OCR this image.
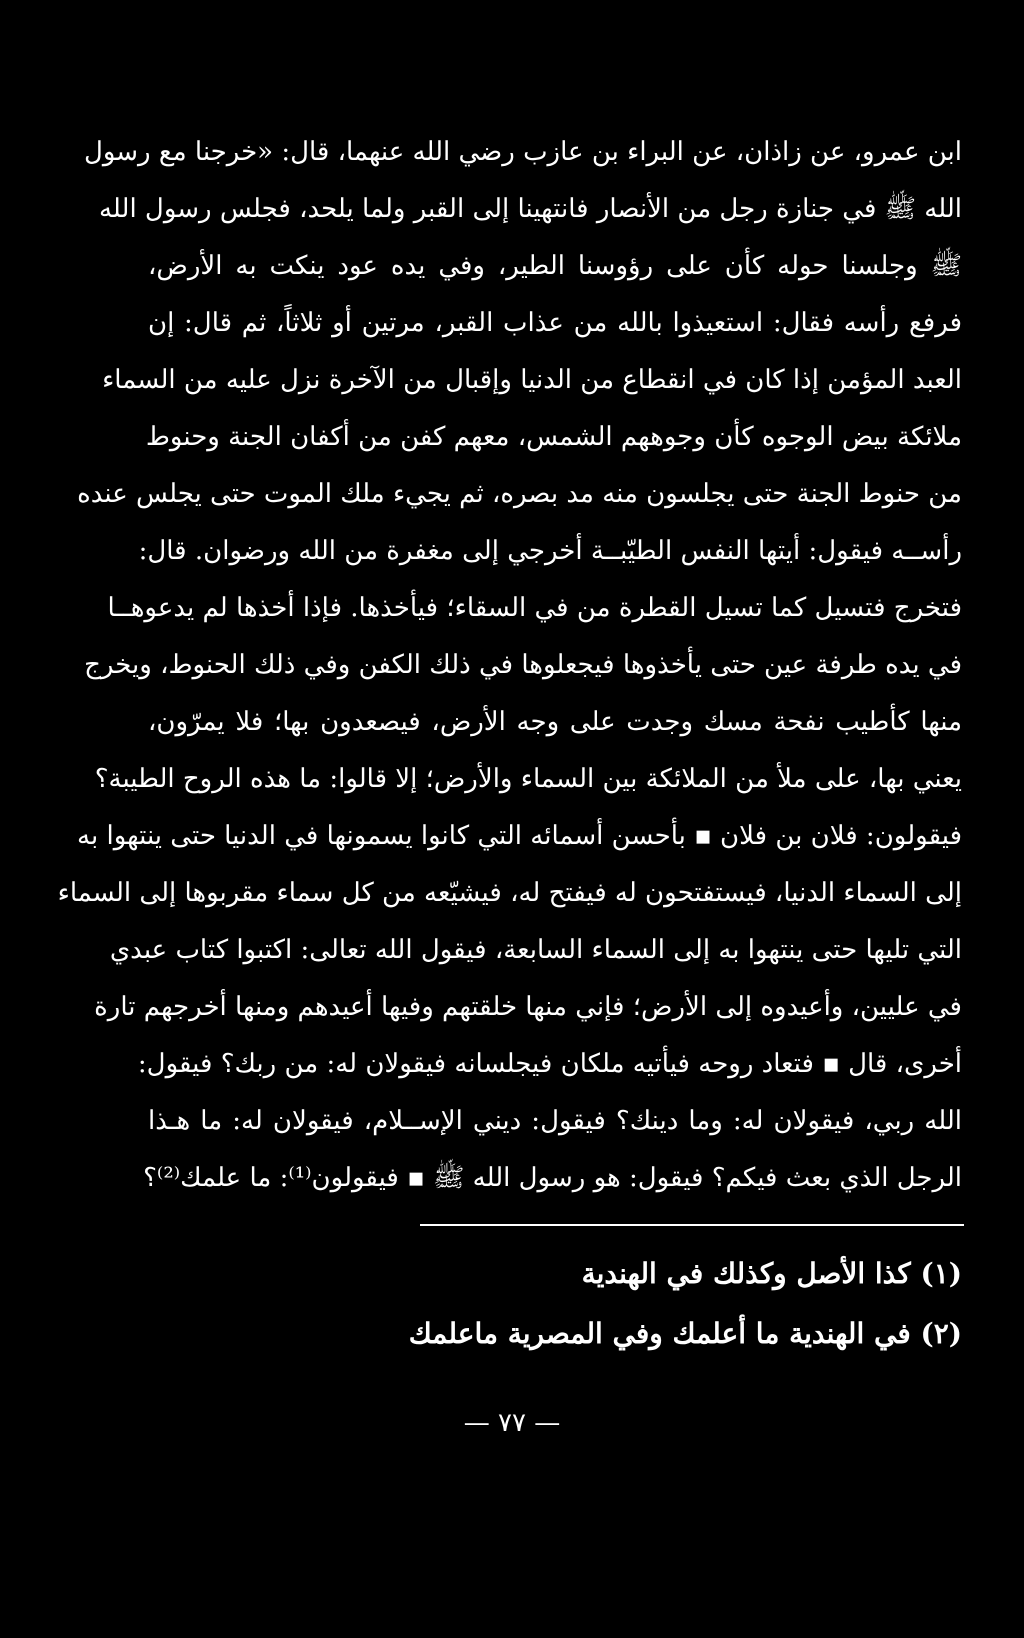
ابن عمرو، عن زاذان، عن البراء بن عازب رضي الله عنهما، قال: «خرجنا مع رسول
الله ﷺ في جنازة رجل من الأنصار فانتهينا إلى القبر ولما يلحد، فجلس رسول الله
ﷺ وجلسنا حوله كأن على رؤوسنا الطير، وفي يده عود ينكت به الأرض،
فرفع رأسه فقال: استعيذوا بالله من عذاب القبر، مرتين أو ثلاثاً، ثم قال: إن
العبد المؤمن إذا كان في انقطاع من الدنيا وإقبال من الآخرة نزل عليه من السماء
ملائكة بيض الوجوه كأن وجوههم الشمس، معهم كفن من أكفان الجنة وحنوط
من حنوط الجنة حتى يجلسون منه مد بصره، ثم يجيء ملك الموت حتى يجلس عنده
رأســه فيقول: أيتها النفس الطيّبــة أخرجي إلى مغفرة من الله ورضوان. قال:
فتخرج فتسيل كما تسيل القطرة من في السقاء؛ فيأخذها. فإذا أخذها لم يدعوهــا
في يده طرفة عين حتى يأخذوها فيجعلوها في ذلك الكفن وفي ذلك الحنوط، ويخرج
منها كأطيب نفحة مسك وجدت على وجه الأرض، فيصعدون بها؛ فلا يمرّون،
يعني بها، على ملأ من الملائكة بين السماء والأرض؛ إلا قالوا: ما هذه الروح الطيبة؟
فيقولون: فلان بن فلان ▪ بأحسن أسمائه التي كانوا يسمونها في الدنيا حتى ينتهوا به
إلى السماء الدنيا، فيستفتحون له فيفتح له، فيشيّعه من كل سماء مقربوها إلى السماء
التي تليها حتى ينتهوا به إلى السماء السابعة، فيقول الله تعالى: اكتبوا كتاب عبدي
في عليين، وأعيدوه إلى الأرض؛ فإني منها خلقتهم وفيها أعيدهم ومنها أخرجهم تارة
أخرى، قال ▪ فتعاد روحه فيأتيه ملكان فيجلسانه فيقولان له: من ربك؟ فيقول:
الله ربي، فيقولان له: وما دينك؟ فيقول: ديني الإســلام، فيقولان له: ما هـذا
الرجل الذي بعث فيكم؟ فيقول: هو رسول الله ﷺ ▪ فيقولون⁽¹⁾: ما علمك⁽²⁾؟
(١) كذا الأصل وكذلك في الهندية
(٢) في الهندية ما أعلمك وفي المصرية ماعلمك
— ٧٧ —
